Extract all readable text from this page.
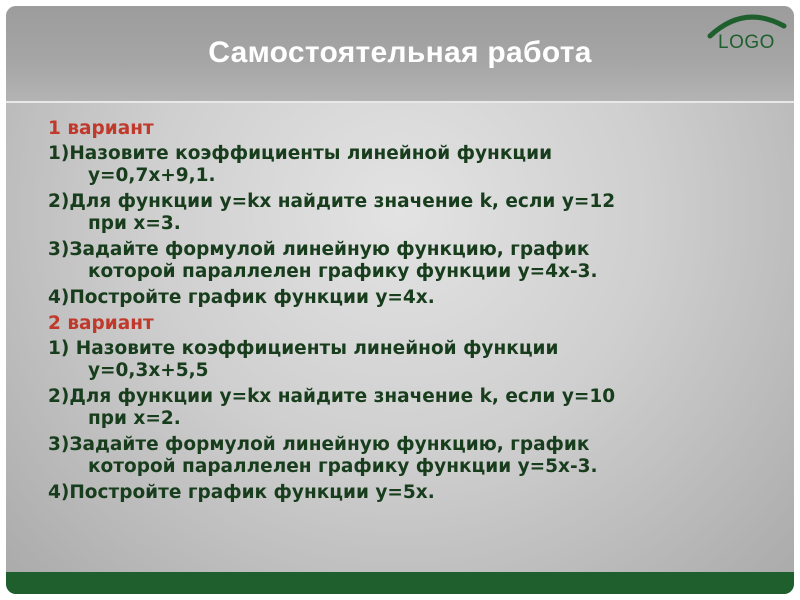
Самостоятельная работа	LOGO
1 вариант
1)Назовите коэффициенты линейной функции
у=0,7х+9,1.
2)Для функции у=kх найдите значение k, если у=12
при х=3.
3)Задайте формулой линейную функцию, график
которой параллелен графику функции у=4х-3.
4)Постройте график функции у=4х.
2 вариант
1) Назовите коэффициенты линейной функции
у=0,3х+5,5
2)Для функции у=kх найдите значение k, если у=10
при х=2.
3)Задайте формулой линейную функцию, график
которой параллелен графику функции у=5х-3.
4)Постройте график функции у=5х.
